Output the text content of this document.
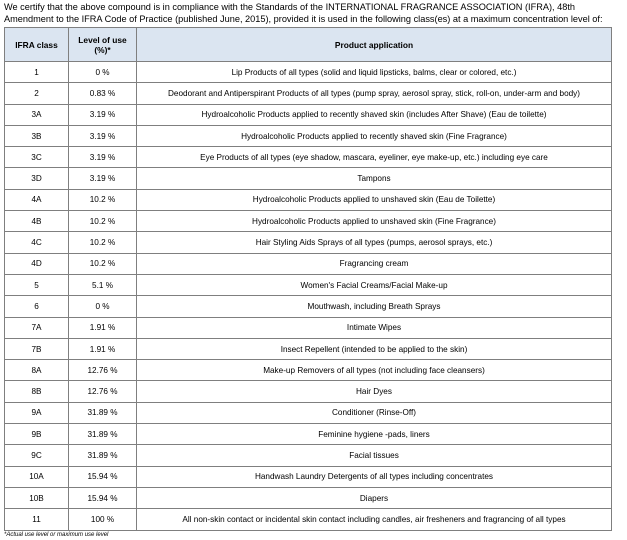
We certify that the above compound is in compliance with the Standards of the INTERNATIONAL FRAGRANCE ASSOCIATION (IFRA), 48th Amendment to the IFRA Code of Practice (published June, 2015), provided it is used in the following class(es) at a maximum concentration level of:
IFRA class	Level of use (%)*	Product application
1	0 %	Lip Products of all types (solid and liquid lipsticks, balms, clear or colored, etc.)
2	0.83 %	Deodorant and Antiperspirant Products of all types (pump spray, aerosol spray, stick, roll-on, under-arm and body)
3A	3.19 %	Hydroalcoholic Products applied to recently shaved skin (includes After Shave) (Eau de toilette)
3B	3.19 %	Hydroalcoholic Products applied to recently shaved skin (Fine Fragrance)
3C	3.19 %	Eye Products of all types (eye shadow, mascara, eyeliner, eye make-up, etc.) including eye care
3D	3.19 %	Tampons
4A	10.2 %	Hydroalcoholic Products applied to unshaved skin (Eau de Toilette)
4B	10.2 %	Hydroalcoholic Products applied to unshaved skin (Fine Fragrance)
4C	10.2 %	Hair Styling Aids Sprays of all types (pumps, aerosol sprays, etc.)
4D	10.2 %	Fragrancing cream
5	5.1 %	Women's Facial Creams/Facial Make-up
6	0 %	Mouthwash, including Breath Sprays
7A	1.91 %	Intimate Wipes
7B	1.91 %	Insect Repellent (intended to be applied to the skin)
8A	12.76 %	Make-up Removers of all types (not including face cleansers)
8B	12.76 %	Hair Dyes
9A	31.89 %	Conditioner (Rinse-Off)
9B	31.89 %	Feminine hygiene -pads, liners
9C	31.89 %	Facial tissues
10A	15.94 %	Handwash Laundry Detergents of all types including concentrates
10B	15.94 %	Diapers
11	100 %	All non-skin contact or incidental skin contact including candles, air fresheners and fragrancing of all types
*Actual use level or maximum use level
